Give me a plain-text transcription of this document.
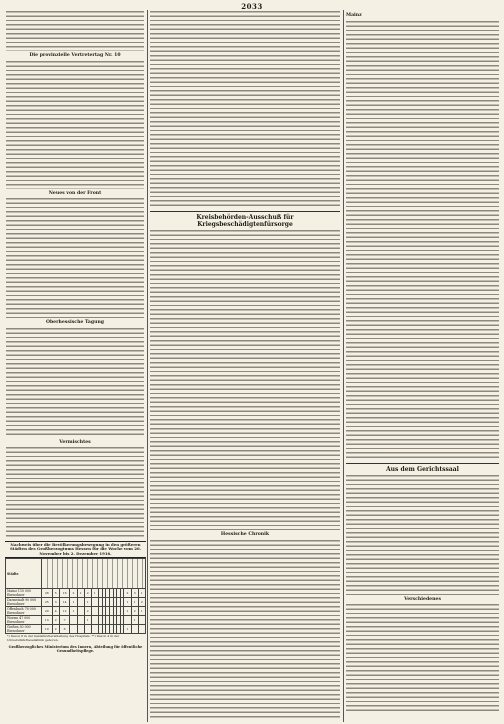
2033
Die provinzielle Vertretertag Nr. 10
Neues von der Front
Oberhessische Tagung
Vermischtes
Kreisbehörden-Ausschuß für Kriegsbeschädigtenfürsorge
Hessische Chronik
Mainz
Aus dem Gerichtssaal
Verschiedenes
Nachweis über die Bevölkerungsbewegung in den größeren Städten des Großherzogtums Hessen für die Woche vom 26. November bis 2. Dezember 1916.
Städte																	
Mainz 110 000 Einwohner	28	5	16	2	1	2	1								2	3	1
Darmstadt 90 000 Einwohner	25	3	14	1		1									1	1	2
Offenbach 78 000 Einwohner	20	4	12	1		2									1	2	1
Worms 47 000 Einwohner	13	2	7			1										1	
Gießen 30 000 Einwohner	10	2	6												1		
*) Davon 8 in der Gebärmutterabteilung des Hospitals. **) Davon 4 in der Universitätsfrauenklinik geboren.
Großherzogliches Ministerium des Innern, Abteilung für öffentliche Gesundheitspflege.
